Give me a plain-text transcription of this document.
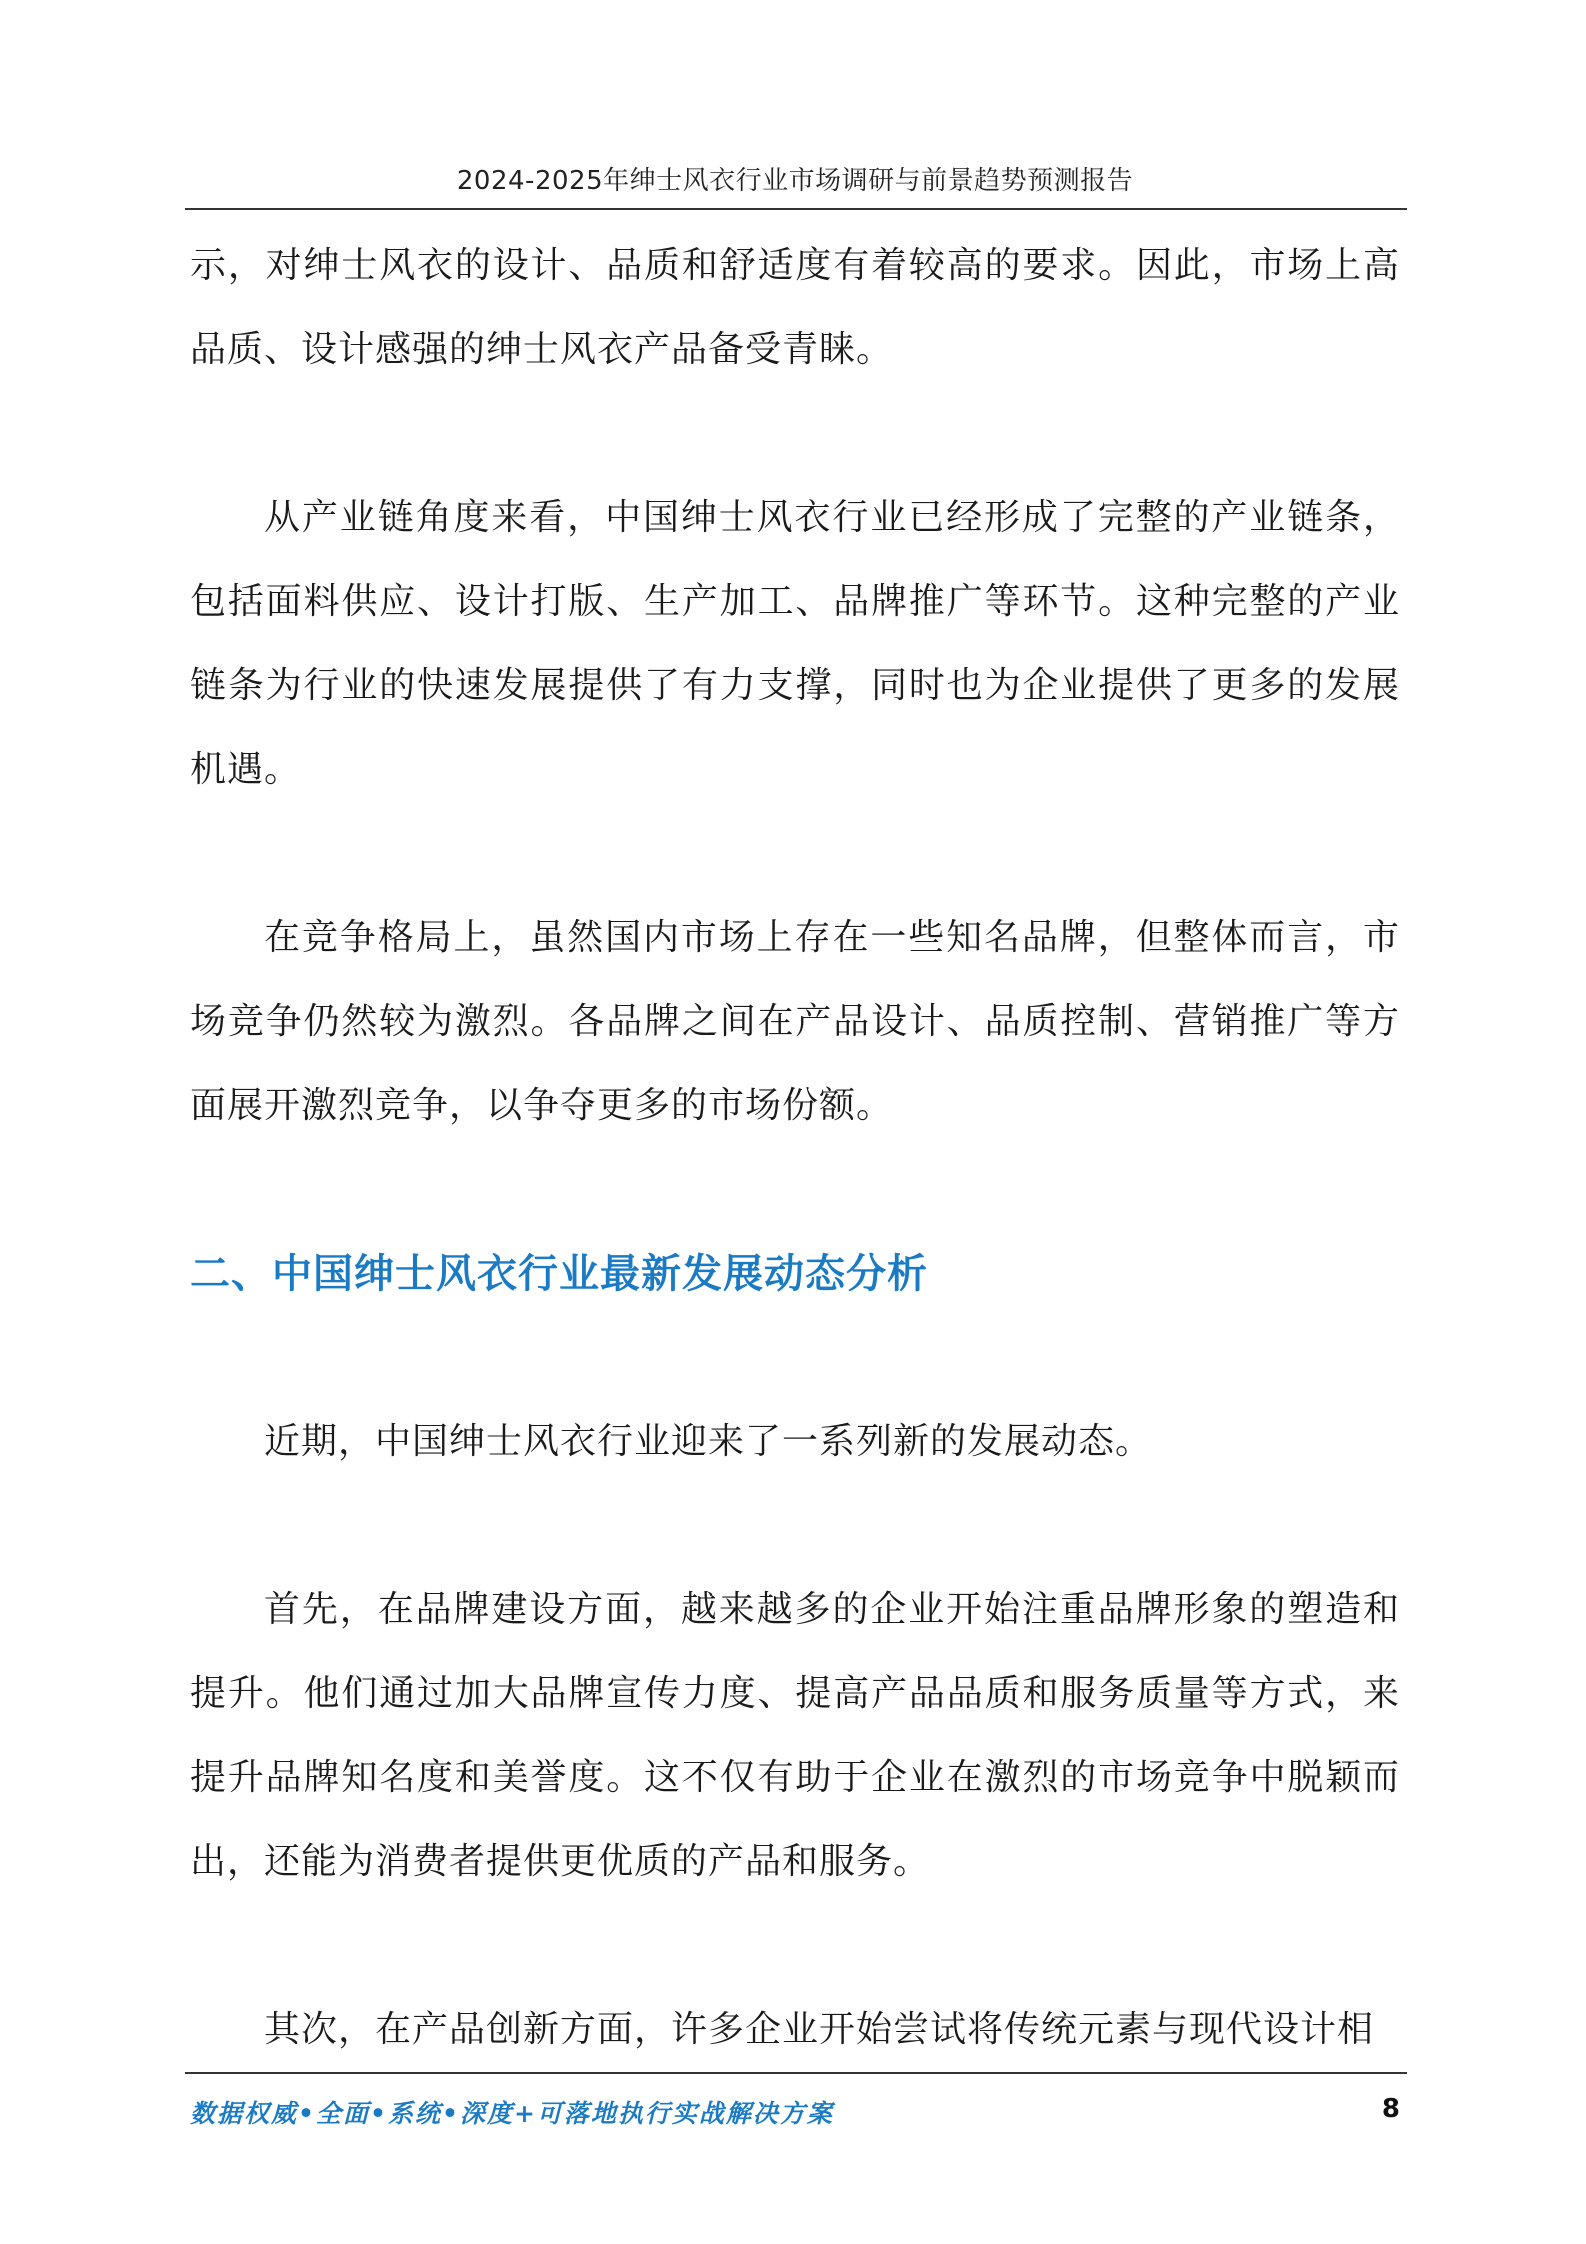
2024-2025年绅士风衣行业市场调研与前景趋势预测报告

示，对绅士风衣的设计、品质和舒适度有着较高的要求。因此，市场上高品质、设计感强的绅士风衣产品备受青睐。

从产业链角度来看，中国绅士风衣行业已经形成了完整的产业链条，包括面料供应、设计打版、生产加工、品牌推广等环节。这种完整的产业链条为行业的快速发展提供了有力支撑，同时也为企业提供了更多的发展机遇。

在竞争格局上，虽然国内市场上存在一些知名品牌，但整体而言，市场竞争仍然较为激烈。各品牌之间在产品设计、品质控制、营销推广等方面展开激烈竞争，以争夺更多的市场份额。

二、中国绅士风衣行业最新发展动态分析

近期，中国绅士风衣行业迎来了一系列新的发展动态。

首先，在品牌建设方面，越来越多的企业开始注重品牌形象的塑造和提升。他们通过加大品牌宣传力度、提高产品品质和服务质量等方式，来提升品牌知名度和美誉度。这不仅有助于企业在激烈的市场竞争中脱颖而出，还能为消费者提供更优质的产品和服务。

其次，在产品创新方面，许多企业开始尝试将传统元素与现代设计相

数据权威•全面•系统•深度+可落地执行实战解决方案	8
